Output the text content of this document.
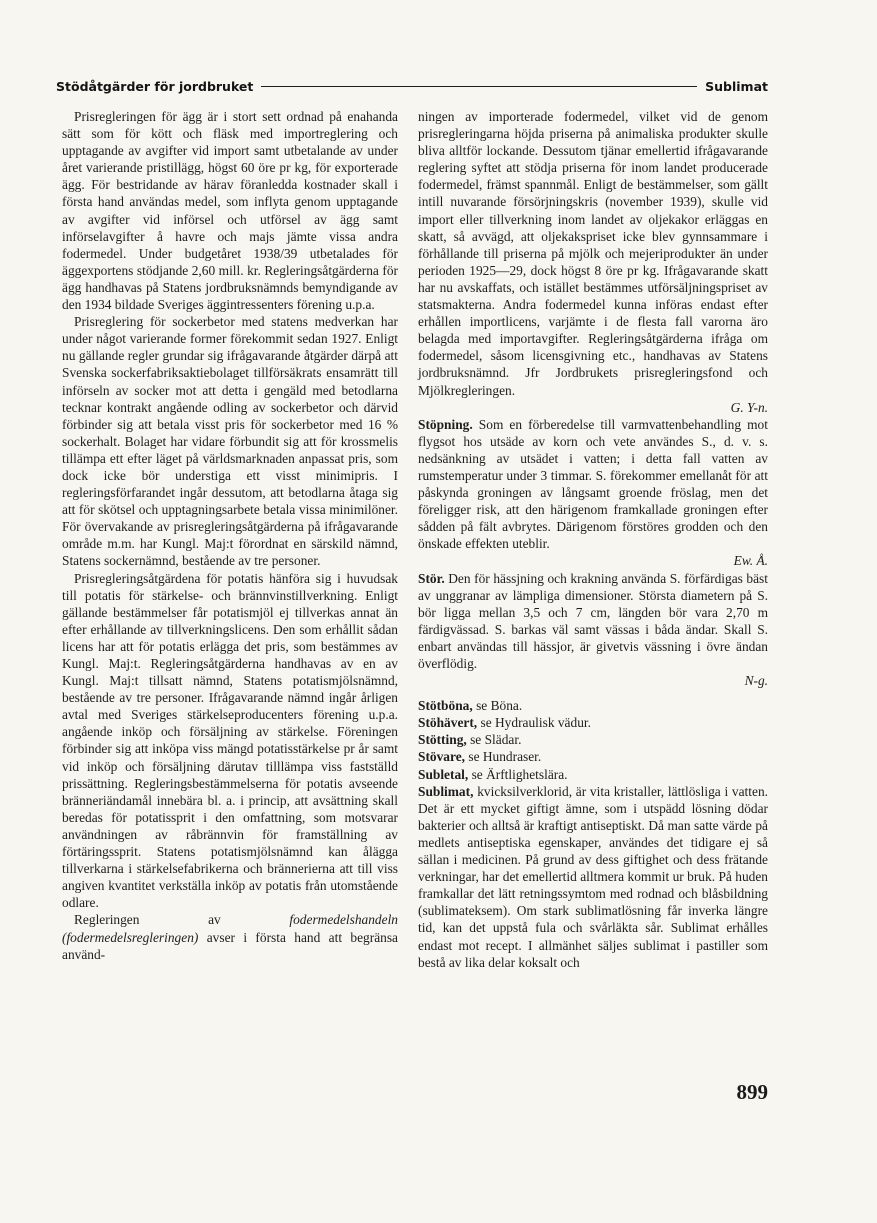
Stödåtgärder för jordbruket	Sublimat

Prisregleringen för ägg är i stort sett ordnad på enahanda sätt som för kött och fläsk med importreglering och upptagande av avgifter vid import samt utbetalande av under året varierande pristillägg, högst 60 öre pr kg, för exporterade ägg. För bestridande av härav föranledda kostnader skall i första hand användas medel, som inflyta genom upptagande av avgifter vid införsel och utförsel av ägg samt införselavgifter å havre och majs jämte vissa andra fodermedel. Under budgetåret 1938/39 utbetalades för äggexportens stödjande 2,60 mill. kr. Regleringsåtgärderna för ägg handhavas på Statens jordbruksnämnds bemyndigande av den 1934 bildade Sveriges äggintressenters förening u.p.a.

Prisreglering för sockerbetor med statens medverkan har under något varierande former förekommit sedan 1927. Enligt nu gällande regler grundar sig ifrågavarande åtgärder därpå att Svenska sockerfabriksaktiebolaget tillförsäkrats ensamrätt till införseln av socker mot att detta i gengäld med betodlarna tecknar kontrakt angående odling av sockerbetor och därvid förbinder sig att betala visst pris för sockerbetor med 16 % sockerhalt. Bolaget har vidare förbundit sig att för krossmelis tillämpa ett efter läget på världsmarknaden anpassat pris, som dock icke bör understiga ett visst minimipris. I regleringsförfarandet ingår dessutom, att betodlarna åtaga sig att för skötsel och upptagningsarbete betala vissa minimilöner. För övervakande av prisregleringsåtgärderna på ifrågavarande område m.m. har Kungl. Maj:t förordnat en särskild nämnd, Statens sockernämnd, bestående av tre personer.

Prisregleringsåtgärdena för potatis hänföra sig i huvudsak till potatis för stärkelse- och brännvinstillverkning. Enligt gällande bestämmelser får potatismjöl ej tillverkas annat än efter erhållande av tillverkningslicens. Den som erhållit sådan licens har att för potatis erlägga det pris, som bestämmes av Kungl. Maj:t. Regleringsåtgärderna handhavas av en av Kungl. Maj:t tillsatt nämnd, Statens potatismjölsnämnd, bestående av tre personer. Ifrågavarande nämnd ingår årligen avtal med Sveriges stärkelseproducenters förening u.p.a. angående inköp och försäljning av stärkelse. Föreningen förbinder sig att inköpa viss mängd potatisstärkelse pr år samt vid inköp och försäljning därutav tilllämpa viss fastställd prissättning. Regleringsbestämmelserna för potatis avseende bränneriändamål innebära bl. a. i princip, att avsättning skall beredas för potatissprit i den omfattning, som motsvarar användningen av råbrännvin för framställning av förtäringssprit. Statens potatismjölsnämnd kan ålägga tillverkarna i stärkelsefabrikerna och brännerierna att till viss angiven kvantitet verkställa inköp av potatis från utomstående odlare.

Regleringen av	fodermedelshandeln (fodermedelsregleringen) avser i första hand att begränsa använd-

ningen av importerade fodermedel, vilket vid de genom prisregleringarna höjda priserna på animaliska produkter skulle bliva alltför lockande. Dessutom tjänar emellertid ifrågavarande reglering syftet att stödja priserna för inom landet producerade fodermedel, främst spannmål. Enligt de bestämmelser, som gällt intill nuvarande försörjningskris (november 1939), skulle vid import eller tillverkning inom landet av oljekakor erläggas en skatt, så avvägd, att oljekakspriset icke blev gynnsammare i förhållande till priserna på mjölk och mejeriprodukter än under perioden 1925—29, dock högst 8 öre pr kg. Ifrågavarande skatt har nu avskaffats, och istället bestämmes utförsäljningspriset av statsmakterna. Andra fodermedel kunna införas endast efter erhållen importlicens, varjämte i de flesta fall varorna äro belagda med importavgifter. Regleringsåtgärderna ifråga om fodermedel, såsom licensgivning etc., handhavas av Statens jordbruksnämnd. Jfr Jordbrukets prisregleringsfond och Mjölkregleringen.
G. Y-n.

Stöpning. Som en förberedelse till varmvattenbehandling mot flygsot hos utsäde av korn och vete användes S., d. v. s. nedsänkning av utsädet i vatten; i detta fall vatten av rumstemperatur under 3 timmar. S. förekommer emellanåt för att påskynda groningen av långsamt groende fröslag, men det föreligger risk, att den härigenom framkallade groningen efter sådden på fält avbrytes. Därigenom förstöres grodden och den önskade effekten uteblir.
Ew. Å.

Stör. Den för hässjning och krakning använda S. förfärdigas bäst av unggranar av lämpliga dimensioner. Största diametern på S. bör ligga mellan 3,5 och 7 cm, längden bör vara 2,70 m färdigvässad. S. barkas väl samt vässas i båda ändar. Skall S. enbart användas till hässjor, är givetvis vässning i övre ändan överflödig.
N-g.

Stötböna, se Böna.

Stöhävert, se Hydraulisk vädur.

Stötting, se Slädar.

Stövare, se Hundraser.

Subletal, se Ärftlighetslära.

Sublimat, kvicksilverklorid, är vita kristaller, lättlösliga i vatten. Det är ett mycket giftigt ämne, som i utspädd lösning dödar bakterier och alltså är kraftigt antiseptiskt. Då man satte värde på medlets antiseptiska egenskaper, användes det tidigare ej så sällan i medicinen. På grund av dess giftighet och dess frätande verkningar, har det emellertid alltmera kommit ur bruk. På huden framkallar det lätt retningssymtom med rodnad och blåsbildning (sublimateksem). Om stark sublimatlösning får inverka längre tid, kan det uppstå fula och svårläkta sår. Sublimat erhålles endast mot recept. I allmänhet säljes sublimat i pastiller som bestå av lika delar koksalt och

899
